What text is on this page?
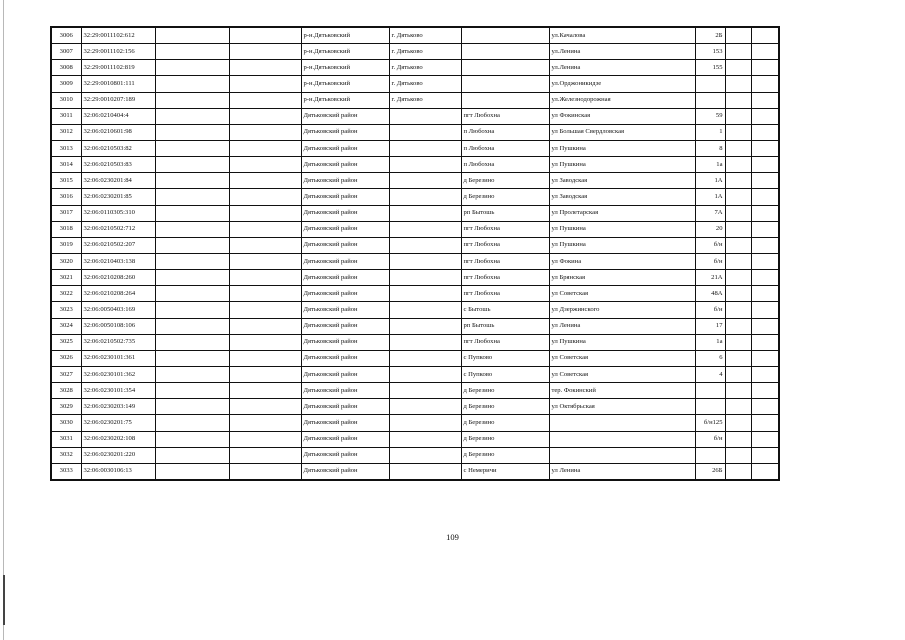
3006	32:29:0011102:612			р-н.Дятьковский	г. Дятьково		ул.Качалова	2Б		
3007	32:29:0011102:156			р-н.Дятьковский	г. Дятьково		ул.Ленина	153		
3008	32:29:0011102:819			р-н.Дятьковский	г. Дятьково		ул.Ленина	155		
3009	32:29:0010801:111			р-н.Дятьковский	г. Дятьково		ул.Орджоникидзе			
3010	32:29:0010207:189			р-н.Дятьковский	г. Дятьково		ул.Железнодорожная			
3011	32:06:0210404:4			Дятьковский район		пгт Любохна	ул Фокинская	59		
3012	32:06:0210601:98			Дятьковский район		п Любохна	ул Большая Свердловская	1		
3013	32:06:0210503:82			Дятьковский район		п Любохна	ул Пушкина	8		
3014	32:06:0210503:83			Дятьковский район		п Любохна	ул Пушкина	1а		
3015	32:06:0230201:84			Дятьковский район		д Березино	ул Заводская	1А		
3016	32:06:0230201:85			Дятьковский район		д Березино	ул Заводская	1А		
3017	32:06:0110305:310			Дятьковский район		рп Бытошь	ул Пролетарская	7А		
3018	32:06:0210502:712			Дятьковский район		пгт Любохна	ул Пушкина	20		
3019	32:06:0210502:207			Дятьковский район		пгт Любохна	ул Пушкина	б/н		
3020	32:06:0210403:138			Дятьковский район		пгт Любохна	ул Фокина	б/н		
3021	32:06:0210208:260			Дятьковский район		пгт Любохна	ул Брянская	21А		
3022	32:06:0210208:264			Дятьковский район		пгт Любохна	ул Советская	48А		
3023	32:06:0050403:169			Дятьковский район		с Бытошь	ул Дзержинского	б/н		
3024	32:06:0050108:106			Дятьковский район		рп Бытошь	ул Ленина	17		
3025	32:06:0210502:735			Дятьковский район		пгт Любохна	ул Пушкина	1а		
3026	32:06:0230101:361			Дятьковский район		с Пупково	ул Советская	6		
3027	32:06:0230101:362			Дятьковский район		с Пупково	ул Советская	4		
3028	32:06:0230101:354			Дятьковский район		д Березино	тер. Фокинский			
3029	32:06:0230203:149			Дятьковский район		д Березино	ул Октябрьская			
3030	32:06:0230201:75			Дятьковский район		д Березино		б/н125		
3031	32:06:0230202:108			Дятьковский район		д Березино		б/н		
3032	32:06:0230201:220			Дятьковский район		д Березино				
3033	32:06:0030106:13			Дятьковский район		с Немеричи	ул Ленина	26Б		
109
